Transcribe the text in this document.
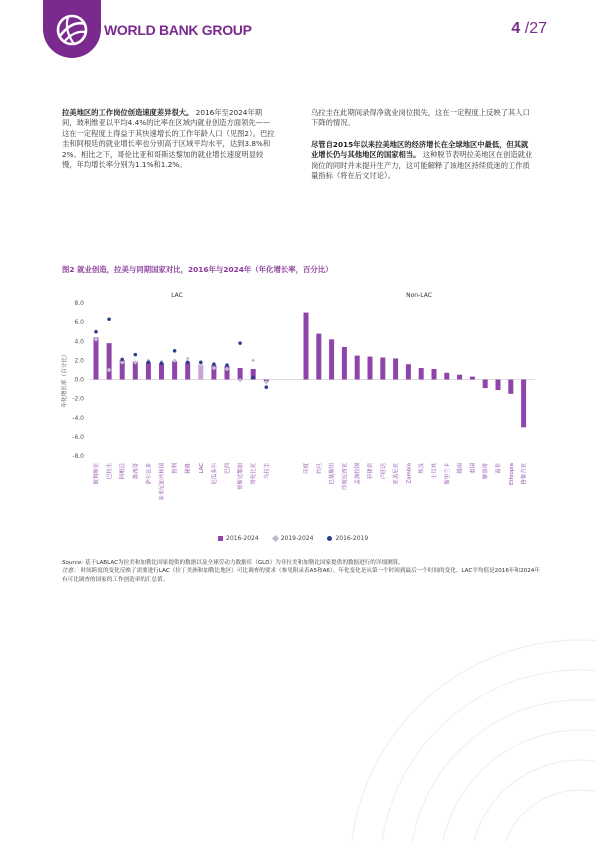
WORLD BANK GROUP	4 /27
拉美地区的工作岗位创造速度差异很大。 2016年至2024年期间，玻利维亚以平均4.4%的比率在区域内就业创造方面领先——这在一定程度上得益于其快速增长的工作年龄人口（见图2）。巴拉圭和阿根廷的就业增长率也分别高于区域平均水平，达到3.8%和2%。相比之下，哥伦比亚和哥斯达黎加的就业增长速度明显较慢，年均增长率分别为1.1%和1.2%。
乌拉圭在此期间录得净就业岗位损失，这在一定程度上反映了其人口下降的情况。
尽管自2015年以来拉美地区的经济增长在全球地区中最低，但其就业增长仍与其他地区的国家相当。 这种脱节表明拉美地区在创造就业岗位的同时并未提升生产力，这可能解释了该地区持续低迷的工作质量指标（将在后文讨论）。
图2 就业创造，拉美与同期国家对比，2016年与2024年（年化增长率，百分比）
年化增长率（百分比）
8.0
6.0
4.0
2.0
0.0
-2.0
-4.0
-6.0
-8.0
LAC	Non-LAC
玻利维亚	巴拉圭	阿根廷	墨西哥	萨尔瓦多	多米尼加共和国	智利	秘鲁 LAC	厄瓜多尔	巴西	哥斯达黎加	哥伦比亚	乌拉圭	印度	约旦	巴基斯坦	印度尼西亚	孟加拉国	菲律宾	卢旺达	亚美尼亚 Zambia	埃及	土耳其	斯里兰卡	越南	泰国	摩洛哥	南非 Ethiopia	格鲁吉亚
2016-2024	2019-2024	2016-2019
Source: 基于LABLAC为拉美和加勒比国家提供的数据以及全球劳动力数据库（GLD）为非拉美和加勒比国家提供的数据进行的详细测算。
注意： 时间跨度的变化反映了需要进行LAC（拉丁美洲和加勒比地区）可比调查的要求（参见附录表A5和A6）。年化变化是从第一个时间到最后一个时间的变化。LAC平均值是2016年和2024年有可比调查的国家的工作创造率的汇总值。
